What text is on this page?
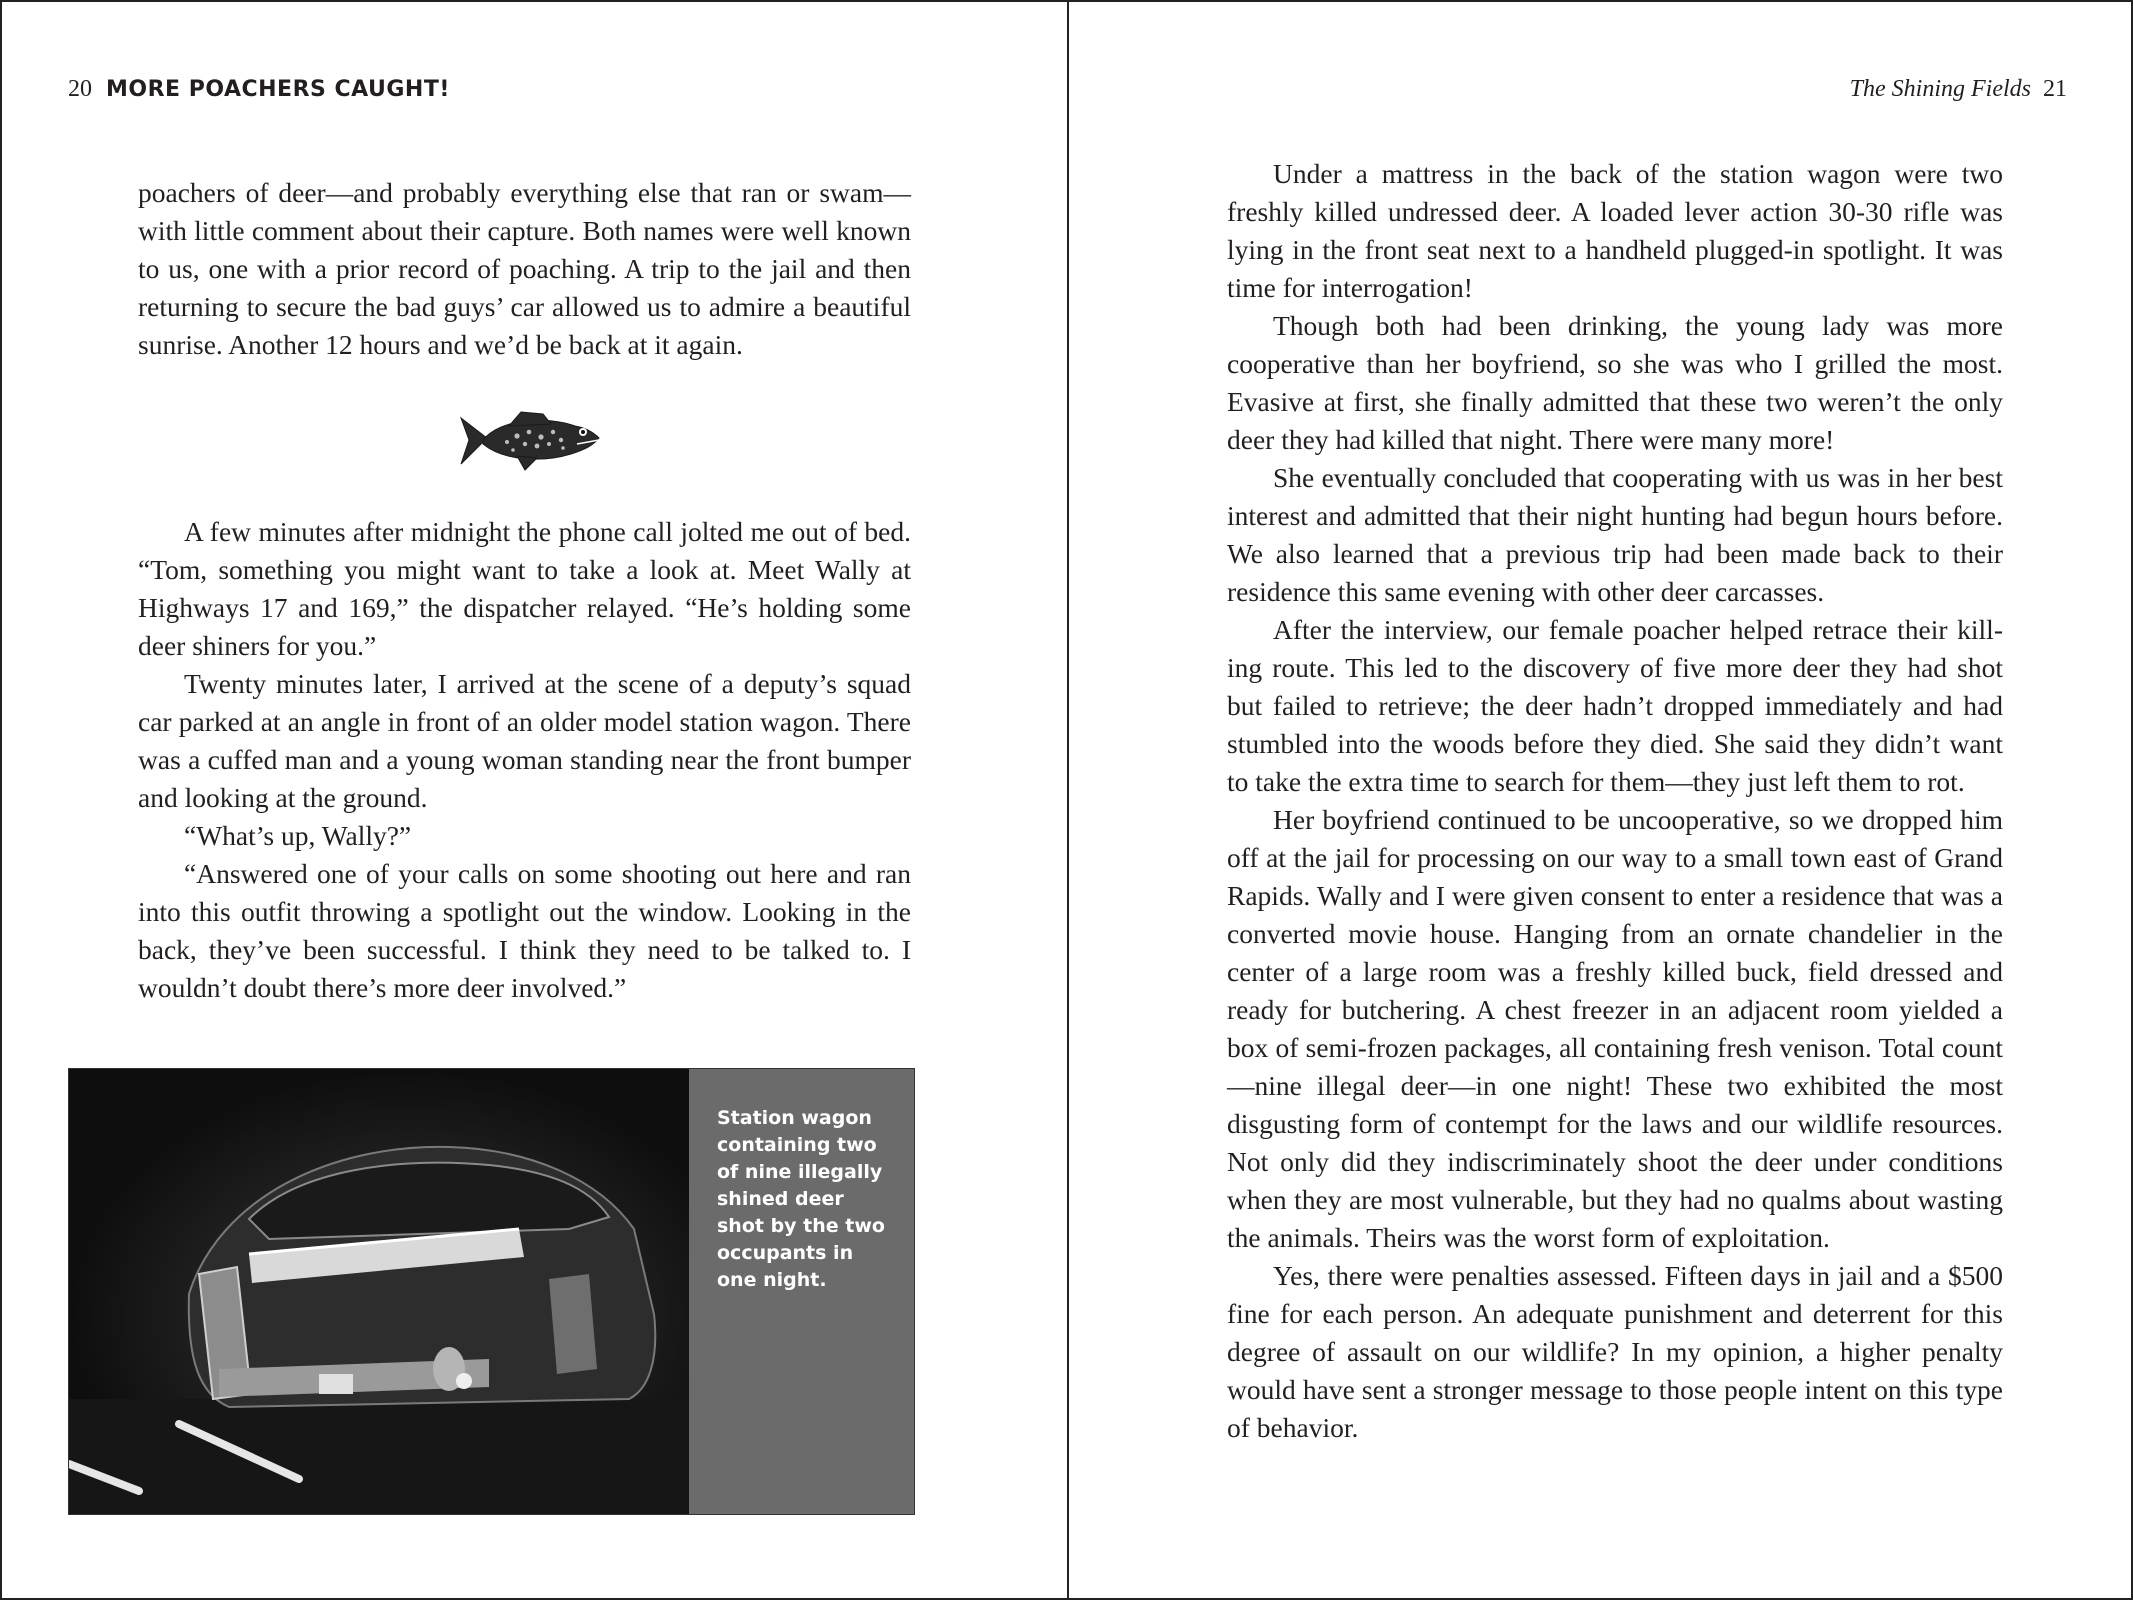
20 MORE POACHERS CAUGHT!

poachers of deer—and probably everything else that ran or swam—with little comment about their capture. Both names were well known to us, one with a prior record of poaching. A trip to the jail and then returning to secure the bad guys’ car allowed us to admire a beautiful sunrise. Another 12 hours and we’d be back at it again.

A few minutes after midnight the phone call jolted me out of bed. “Tom, something you might want to take a look at. Meet Wally at Highways 17 and 169,” the dispatcher relayed. “He’s holding some deer shiners for you.”

Twenty minutes later, I arrived at the scene of a deputy’s squad car parked at an angle in front of an older model station wagon. There was a cuffed man and a young woman standing near the front bumper and looking at the ground.

“What’s up, Wally?”

“Answered one of your calls on some shooting out here and ran into this outfit throwing a spotlight out the window. Looking in the back, they’ve been successful. I think they need to be talked to. I wouldn’t doubt there’s more deer involved.”

Station wagon containing two of nine illegally shined deer shot by the two occupants in one night.
The Shining Fields 21

Under a mattress in the back of the station wagon were two freshly killed undressed deer. A loaded lever action 30-30 rifle was lying in the front seat next to a handheld plugged-in spotlight. It was time for interrogation!

Though both had been drinking, the young lady was more cooperative than her boyfriend, so she was who I grilled the most. Evasive at first, she finally admitted that these two weren’t the only deer they had killed that night. There were many more!

She eventually concluded that cooperating with us was in her best interest and admitted that their night hunting had begun hours before. We also learned that a previous trip had been made back to their residence this same evening with other deer carcasses.

After the interview, our female poacher helped retrace their killing route. This led to the discovery of five more deer they had shot but failed to retrieve; the deer hadn’t dropped immediately and had stumbled into the woods before they died. She said they didn’t want to take the extra time to search for them—they just left them to rot.

Her boyfriend continued to be uncooperative, so we dropped him off at the jail for processing on our way to a small town east of Grand Rapids. Wally and I were given consent to enter a residence that was a converted movie house. Hanging from an ornate chandelier in the center of a large room was a freshly killed buck, field dressed and ready for butchering. A chest freezer in an adjacent room yielded a box of semi-frozen packages, all containing fresh venison. Total count—nine illegal deer—in one night! These two exhibited the most disgusting form of contempt for the laws and our wildlife resources. Not only did they indiscriminately shoot the deer under conditions when they are most vulnerable, but they had no qualms about wasting the animals. Theirs was the worst form of exploitation.

Yes, there were penalties assessed. Fifteen days in jail and a $500 fine for each person. An adequate punishment and deterrent for this degree of assault on our wildlife? In my opinion, a higher penalty would have sent a stronger message to those people intent on this type of behavior.
